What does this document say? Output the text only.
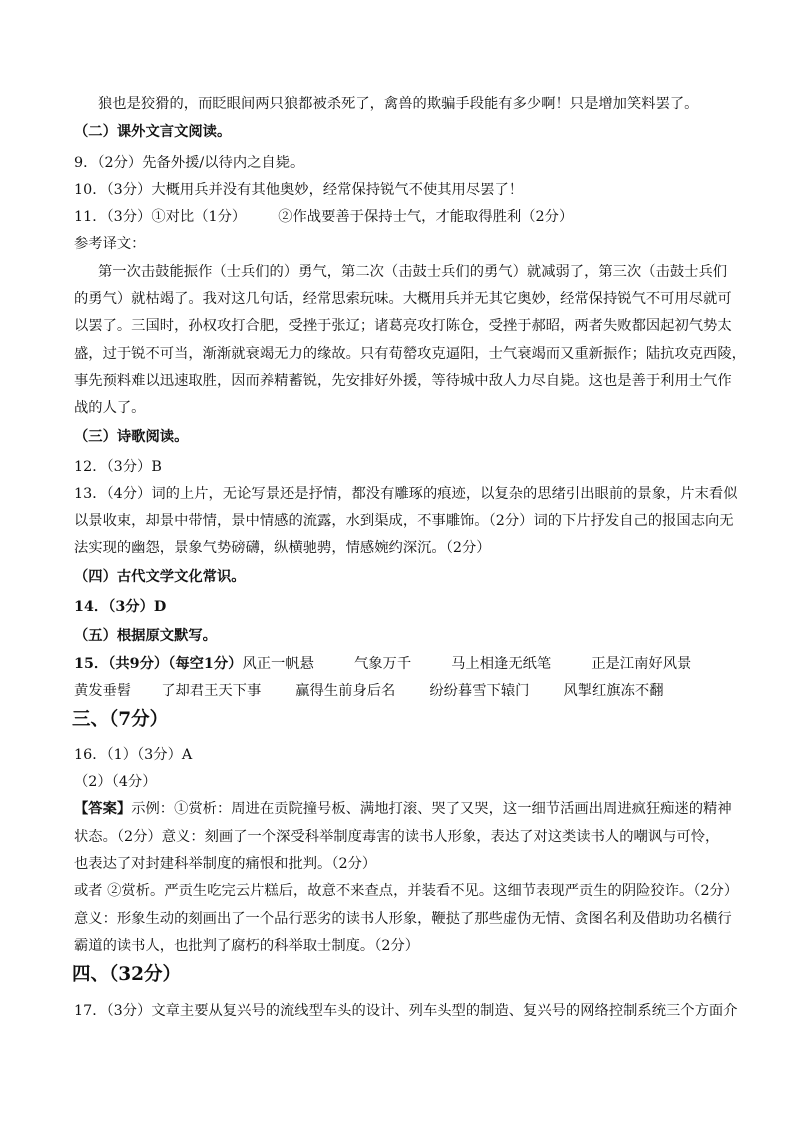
狼也是狡猾的，而眨眼间两只狼都被杀死了，禽兽的欺骗手段能有多少啊！只是增加笑料罢了。
（二）课外文言文阅读。
9．（2分）先备外援/以待内之自毙。
10．（3分）大概用兵并没有其他奥妙，经常保持锐气不使其用尽罢了！
11．（3分）①对比（1分） ②作战要善于保持士气，才能取得胜利（2分）
参考译文：
第一次击鼓能振作（士兵们的）勇气，第二次（击鼓士兵们的勇气）就减弱了，第三次（击鼓士兵们
的勇气）就枯竭了。我对这几句话，经常思索玩味。大概用兵并无其它奥妙，经常保持锐气不可用尽就可
以罢了。三国时，孙权攻打合肥，受挫于张辽；诸葛亮攻打陈仓，受挫于郝昭，两者失败都因起初气势太
盛，过于锐不可当，渐渐就衰竭无力的缘故。只有荀罃攻克逼阳，士气衰竭而又重新振作；陆抗攻克西陵，
事先预料难以迅速取胜，因而养精蓄锐，先安排好外援，等待城中敌人力尽自毙。这也是善于利用士气作
战的人了。
（三）诗歌阅读。
12．（3分）B
13．（4分）词的上片，无论写景还是抒情，都没有雕琢的痕迹，以复杂的思绪引出眼前的景象，片末看似
以景收束，却景中带情，景中情感的流露，水到渠成，不事雕饰。（2分）词的下片抒发自己的报国志向无
法实现的幽怨，景象气势磅礴，纵横驰骋，情感婉约深沉。（2分）
（四）古代文学文化常识。
14．（3分）D
（五）根据原文默写。
15．（共9分）（每空1分）风正一帆悬	气象万千	马上相逢无纸笔	正是江南好风景
黄发垂髫 了却君王天下事 赢得生前身后名 纷纷暮雪下辕门 风掣红旗冻不翻
三、（7分）
16．（1）（3分）A
（2）（4分）
【答案】示例：①赏析：周进在贡院撞号板、满地打滚、哭了又哭，这一细节活画出周进疯狂痴迷的精神
状态。（2分）意义：刻画了一个深受科举制度毒害的读书人形象，表达了对这类读书人的嘲讽与可怜，
也表达了对封建科举制度的痛恨和批判。（2分）
或者 ②赏析。严贡生吃完云片糕后，故意不来查点，并装看不见。这细节表现严贡生的阴险狡诈。（2分）
意义：形象生动的刻画出了一个品行恶劣的读书人形象，鞭挞了那些虚伪无情、贪图名利及借助功名横行
霸道的读书人，也批判了腐朽的科举取士制度。（2分）
四、（32分）
17．（3分）文章主要从复兴号的流线型车头的设计、列车头型的制造、复兴号的网络控制系统三个方面介
